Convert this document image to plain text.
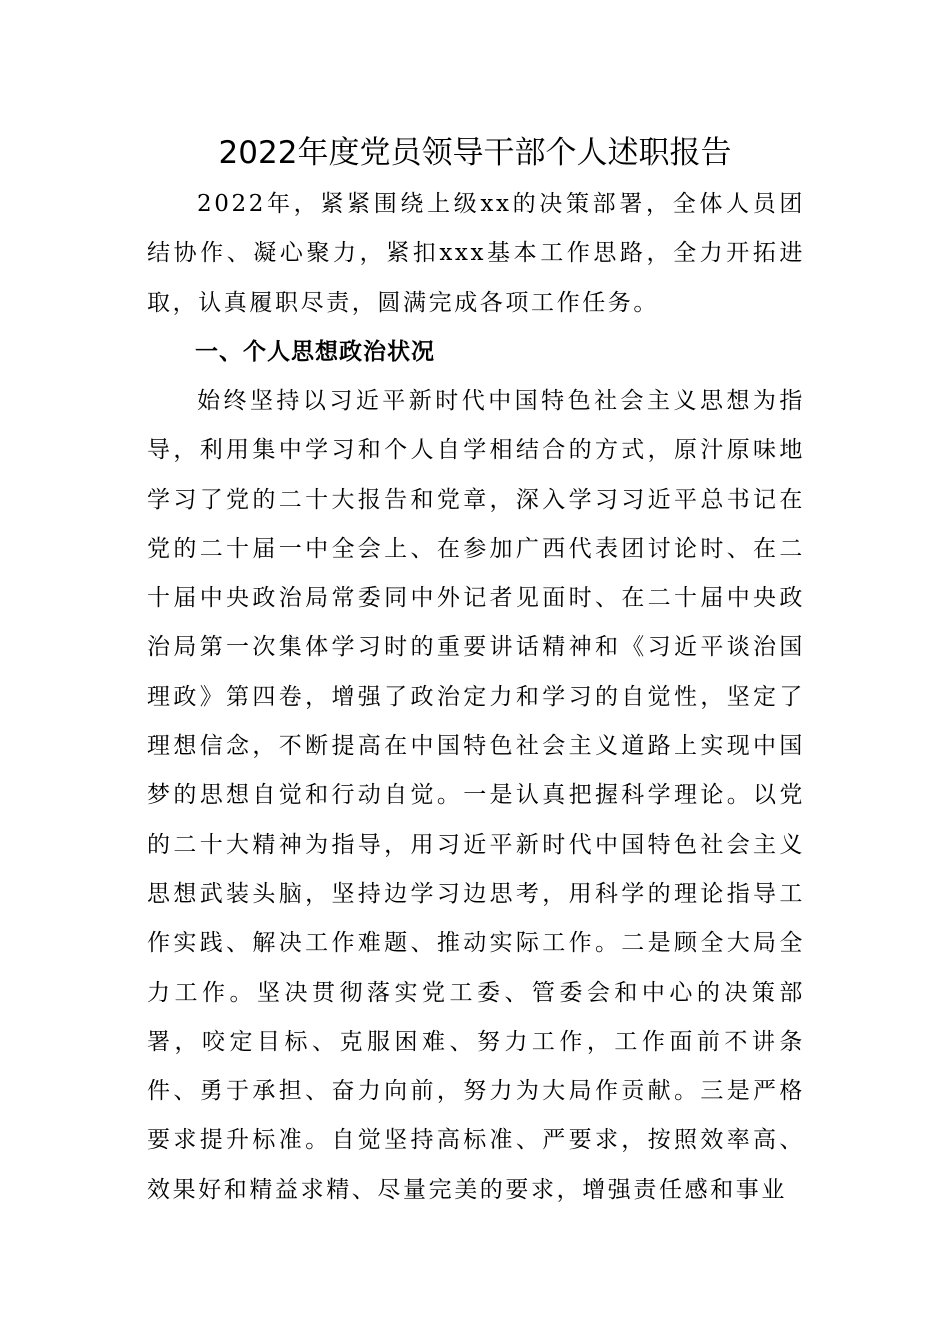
2022年度党员领导干部个人述职报告

2022年，紧紧围绕上级xx的决策部署，全体人员团结协作、凝心聚力，紧扣xxx基本工作思路，全力开拓进取，认真履职尽责，圆满完成各项工作任务。

一、个人思想政治状况

始终坚持以习近平新时代中国特色社会主义思想为指导，利用集中学习和个人自学相结合的方式，原汁原味地学习了党的二十大报告和党章，深入学习习近平总书记在党的二十届一中全会上、在参加广西代表团讨论时、在二十届中央政治局常委同中外记者见面时、在二十届中央政治局第一次集体学习时的重要讲话精神和《习近平谈治国理政》第四卷，增强了政治定力和学习的自觉性，坚定了理想信念，不断提高在中国特色社会主义道路上实现中国梦的思想自觉和行动自觉。一是认真把握科学理论。以党的二十大精神为指导，用习近平新时代中国特色社会主义思想武装头脑，坚持边学习边思考，用科学的理论指导工作实践、解决工作难题、推动实际工作。二是顾全大局全力工作。坚决贯彻落实党工委、管委会和中心的决策部署，咬定目标、克服困难、努力工作，工作面前不讲条件、勇于承担、奋力向前，努力为大局作贡献。三是严格要求提升标准。自觉坚持高标准、严要求，按照效率高、效果好和精益求精、尽量完美的要求，增强责任感和事业
